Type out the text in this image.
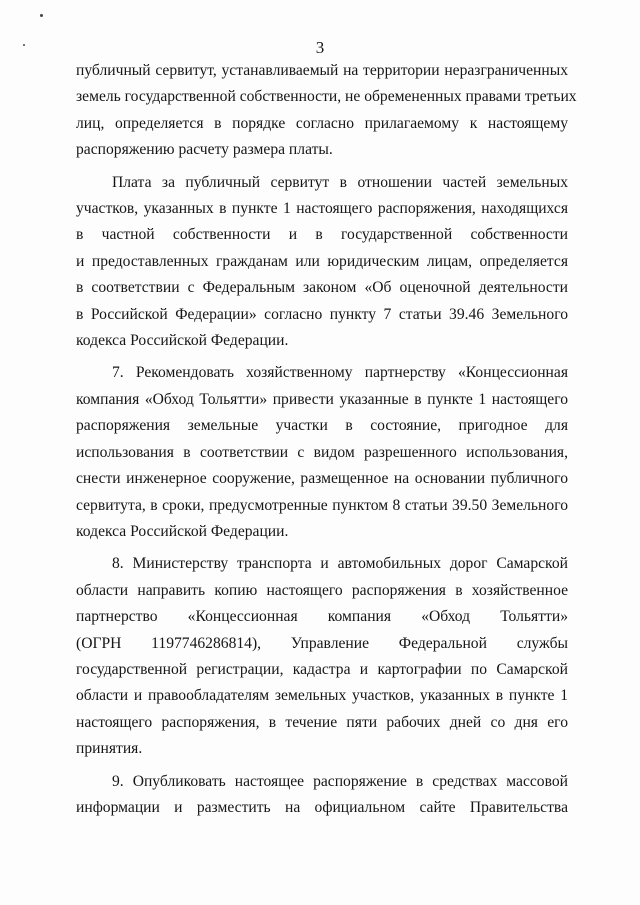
3

публичный сервитут, устанавливаемый на территории неразграниченных
земель государственной собственности, не обремененных правами третьих
лиц, определяется в порядке согласно прилагаемому к настоящему
распоряжению расчету размера платы.

Плата за публичный сервитут в отношении частей земельных
участков, указанных в пункте 1 настоящего распоряжения, находящихся
в частной собственности и в государственной собственности
и предоставленных гражданам или юридическим лицам, определяется
в соответствии с Федеральным законом «Об оценочной деятельности
в Российской Федерации» согласно пункту 7 статьи 39.46 Земельного
кодекса Российской Федерации.

7. Рекомендовать хозяйственному партнерству «Концессионная
компания «Обход Тольятти» привести указанные в пункте 1 настоящего
распоряжения земельные участки в состояние, пригодное для
использования в соответствии с видом разрешенного использования,
снести инженерное сооружение, размещенное на основании публичного
сервитута, в сроки, предусмотренные пунктом 8 статьи 39.50 Земельного
кодекса Российской Федерации.

8. Министерству транспорта и автомобильных дорог Самарской
области направить копию настоящего распоряжения в хозяйственное
партнерство «Концессионная компания «Обход Тольятти»
(ОГРН 1197746286814), Управление Федеральной службы
государственной регистрации, кадастра и картографии по Самарской
области и правообладателям земельных участков, указанных в пункте 1
настоящего распоряжения, в течение пяти рабочих дней со дня его
принятия.

9. Опубликовать настоящее распоряжение в средствах массовой
информации и разместить на официальном сайте Правительства
